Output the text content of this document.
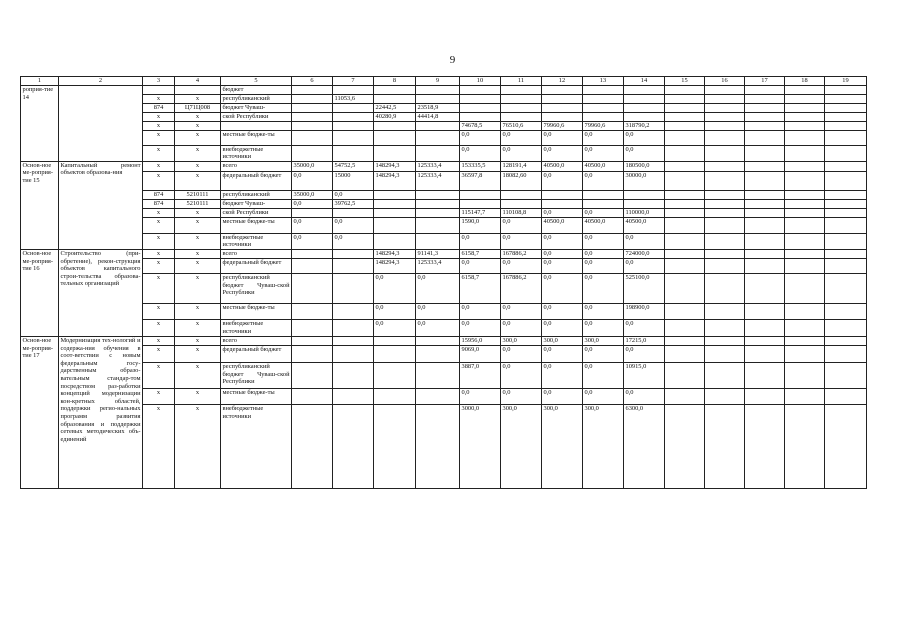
9
1	2	3	4	5	6	7	8	9	10	11	12	13	14	15	16	17	18	19
роприя-тие 14				бюджет														
		х	х	республиканский		11053,6												
		874	Ц71Ц008	бюджет Чуваш-			22442,5	23518,9										
		х	х	ской Республики			40280,9	44414,8										
		х	х						74678,5	76510,6	79960,6	79960,6	318790,2					
		х	х	местные бюдже-ты					0,0	0,0	0,0	0,0	0,0					
		х	х	внебюджетные источники					0,0	0,0	0,0	0,0	0,0					
Основ-ное ме-роприя-тие 15	Капитальный ремонт объектов образова-ния	х	х	всего	35000,0	54752,5	148294,3	125333,4	153335,5	128191,4	40500,0	40500,0	180500,0					
		х	х	федеральный бюджет	0,0	15000	148294,3	125333,4	36597,8	18082,60	0,0	0,0	30000,0					
		874	5210111	республиканский	35000,0	0,0												
		874	5210111	бюджет Чуваш-	0,0	39762,5												
		х	х	ской Республики					115147,7	110108,8	0,0	0,0	110000,0					
		х	х	местные бюдже-ты	0,0	0,0			1590,0	0,0	40500,0	40500,0	40500,0					
		х	х	внебюджетные источники	0,0	0,0			0,0	0,0	0,0	0,0	0,0					
Основ-ное ме-роприя-тие 16	Строительство (при-обретение), рекон-струкция объектов капитального строи-тельства образова-тельных организаций	х	х	всего			148294,3	91141,3	6158,7	167886,2	0,0	0,0	724000,0					
		х	х	федеральный бюджет			148294,3	125333,4	0,0	0,0	0,0	0,0	0,0					
		х	х	республиканский бюджет Чуваш-ской Республики			0,0	0,0	6158,7	167886,2	0,0	0,0	525100,0					
		х	х	местные бюдже-ты			0,0	0,0	0,0	0,0	0,0	0,0	198900,0					
		х	х	внебюджетные источники			0,0	0,0	0,0	0,0	0,0	0,0	0,0					
Основ-ное ме-роприя-тие 17	Модернизация тех-нологий и содержа-ния обучения в соот-ветствии с новым федеральным госу-дарственным образо-вательным стандар-том посредством раз-работки концепций модернизации кон-кретных областей, поддержки регио-нальных программ развития образования и поддержки сетевых методических объ-единений	х	х	всего					15956,0	300,0	300,0	300,0	17215,0					
		х	х	федеральный бюджет					9069,0	0,0	0,0	0,0	0,0					
		х	х	республиканский бюджет Чуваш-ской Республики					3887,0	0,0	0,0	0,0	10915,0					
		х	х	местные бюдже-ты					0,0	0,0	0,0	0,0	0,0					
		х	х	внебюджетные источники					3000,0	300,0	300,0	300,0	6300,0					
